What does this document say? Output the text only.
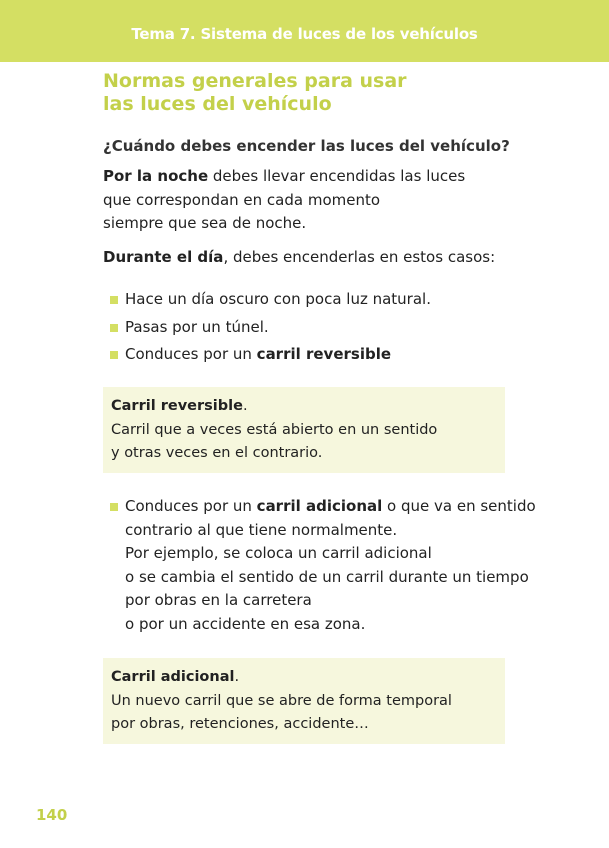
Tema 7. Sistema de luces de los vehículos
Normas generales para usar
las luces del vehículo
¿Cuándo debes encender las luces del vehículo?
Por la noche debes llevar encendidas las luces
que correspondan en cada momento
siempre que sea de noche.
Durante el día, debes encenderlas en estos casos:
Hace un día oscuro con poca luz natural.
Pasas por un túnel.
Conduces por un carril reversible
Carril reversible.
Carril que a veces está abierto en un sentido
y otras veces en el contrario.
Conduces por un carril adicional o que va en sentido
contrario al que tiene normalmente.
Por ejemplo, se coloca un carril adicional
o se cambia el sentido de un carril durante un tiempo
por obras en la carretera
o por un accidente en esa zona.
Carril adicional.
Un nuevo carril que se abre de forma temporal
por obras, retenciones, accidente…
140
